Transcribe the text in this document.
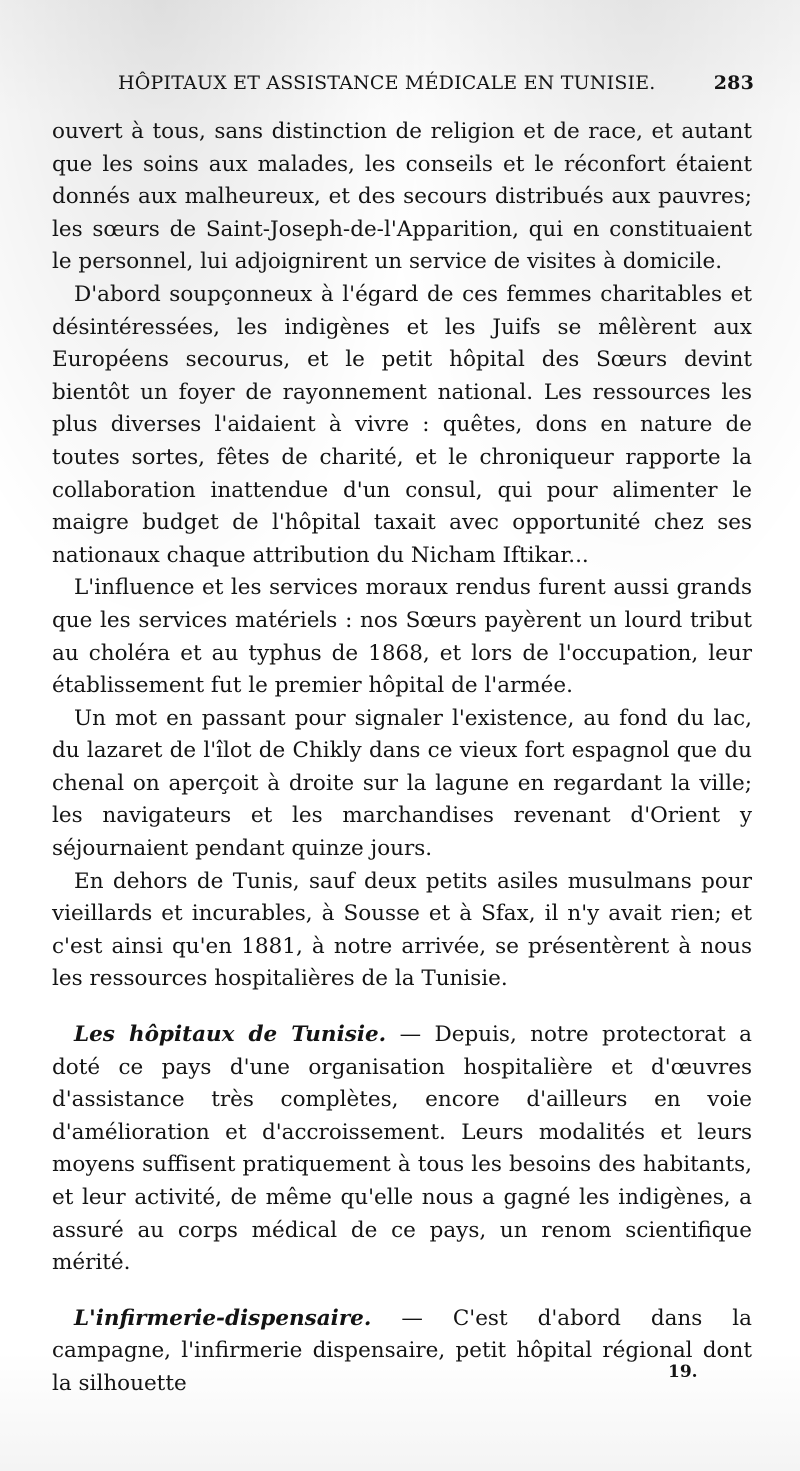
HÔPITAUX ET ASSISTANCE MÉDICALE EN TUNISIE.	283

ouvert à tous, sans distinction de religion et de race, et autant que les soins aux malades, les conseils et le réconfort étaient donnés aux malheureux, et des secours distribués aux pauvres; les sœurs de Saint-Joseph-de-l'Apparition, qui en constituaient le personnel, lui adjoignirent un service de visites à domicile.

D'abord soupçonneux à l'égard de ces femmes charitables et désintéressées, les indigènes et les Juifs se mêlèrent aux Européens secourus, et le petit hôpital des Sœurs devint bientôt un foyer de rayonnement national. Les ressources les plus diverses l'aidaient à vivre : quêtes, dons en nature de toutes sortes, fêtes de charité, et le chroniqueur rapporte la collaboration inattendue d'un consul, qui pour alimenter le maigre budget de l'hôpital taxait avec opportunité chez ses nationaux chaque attribution du Nicham Iftikar...

L'influence et les services moraux rendus furent aussi grands que les services matériels : nos Sœurs payèrent un lourd tribut au choléra et au typhus de 1868, et lors de l'occupation, leur établissement fut le premier hôpital de l'armée.

Un mot en passant pour signaler l'existence, au fond du lac, du lazaret de l'îlot de Chikly dans ce vieux fort espagnol que du chenal on aperçoit à droite sur la lagune en regardant la ville; les navigateurs et les marchandises revenant d'Orient y séjournaient pendant quinze jours.

En dehors de Tunis, sauf deux petits asiles musulmans pour vieillards et incurables, à Sousse et à Sfax, il n'y avait rien; et c'est ainsi qu'en 1881, à notre arrivée, se présentèrent à nous les ressources hospitalières de la Tunisie.

Les hôpitaux de Tunisie. — Depuis, notre protectorat a doté ce pays d'une organisation hospitalière et d'œuvres d'assistance très complètes, encore d'ailleurs en voie d'amélioration et d'accroissement. Leurs modalités et leurs moyens suffisent pratiquement à tous les besoins des habitants, et leur activité, de même qu'elle nous a gagné les indigènes, a assuré au corps médical de ce pays, un renom scientifique mérité.

L'infirmerie-dispensaire. — C'est d'abord dans la campagne, l'infirmerie dispensaire, petit hôpital régional dont la silhouette	19.
